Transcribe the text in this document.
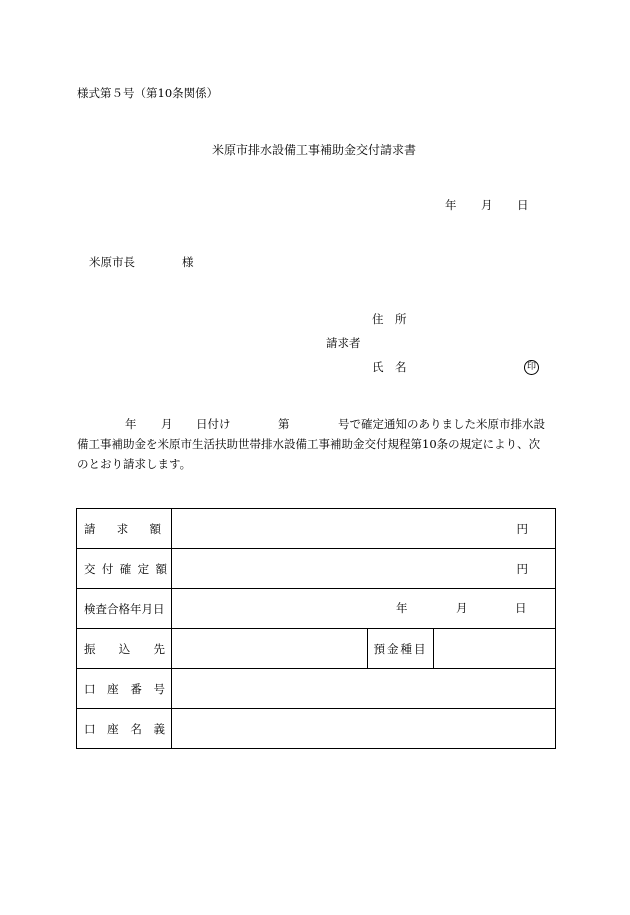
様式第５号（第10条関係）
米原市排水設備工事補助金交付請求書
年 月 日
米原市長	様
住　所
請求者
氏　名	印
年 月 日付け	第	号で確定通知のありました米原市排水設
備工事補助金を米原市生活扶助世帯排水設備工事補助金交付規程第10条の規定により、次
のとおり請求します。
請 求 額	円		

交 付 確 定 額	円		
検査合格年月日	年 月 日		

振 込 先		預金種目	

口 座 番 号			

口 座 名 義			
